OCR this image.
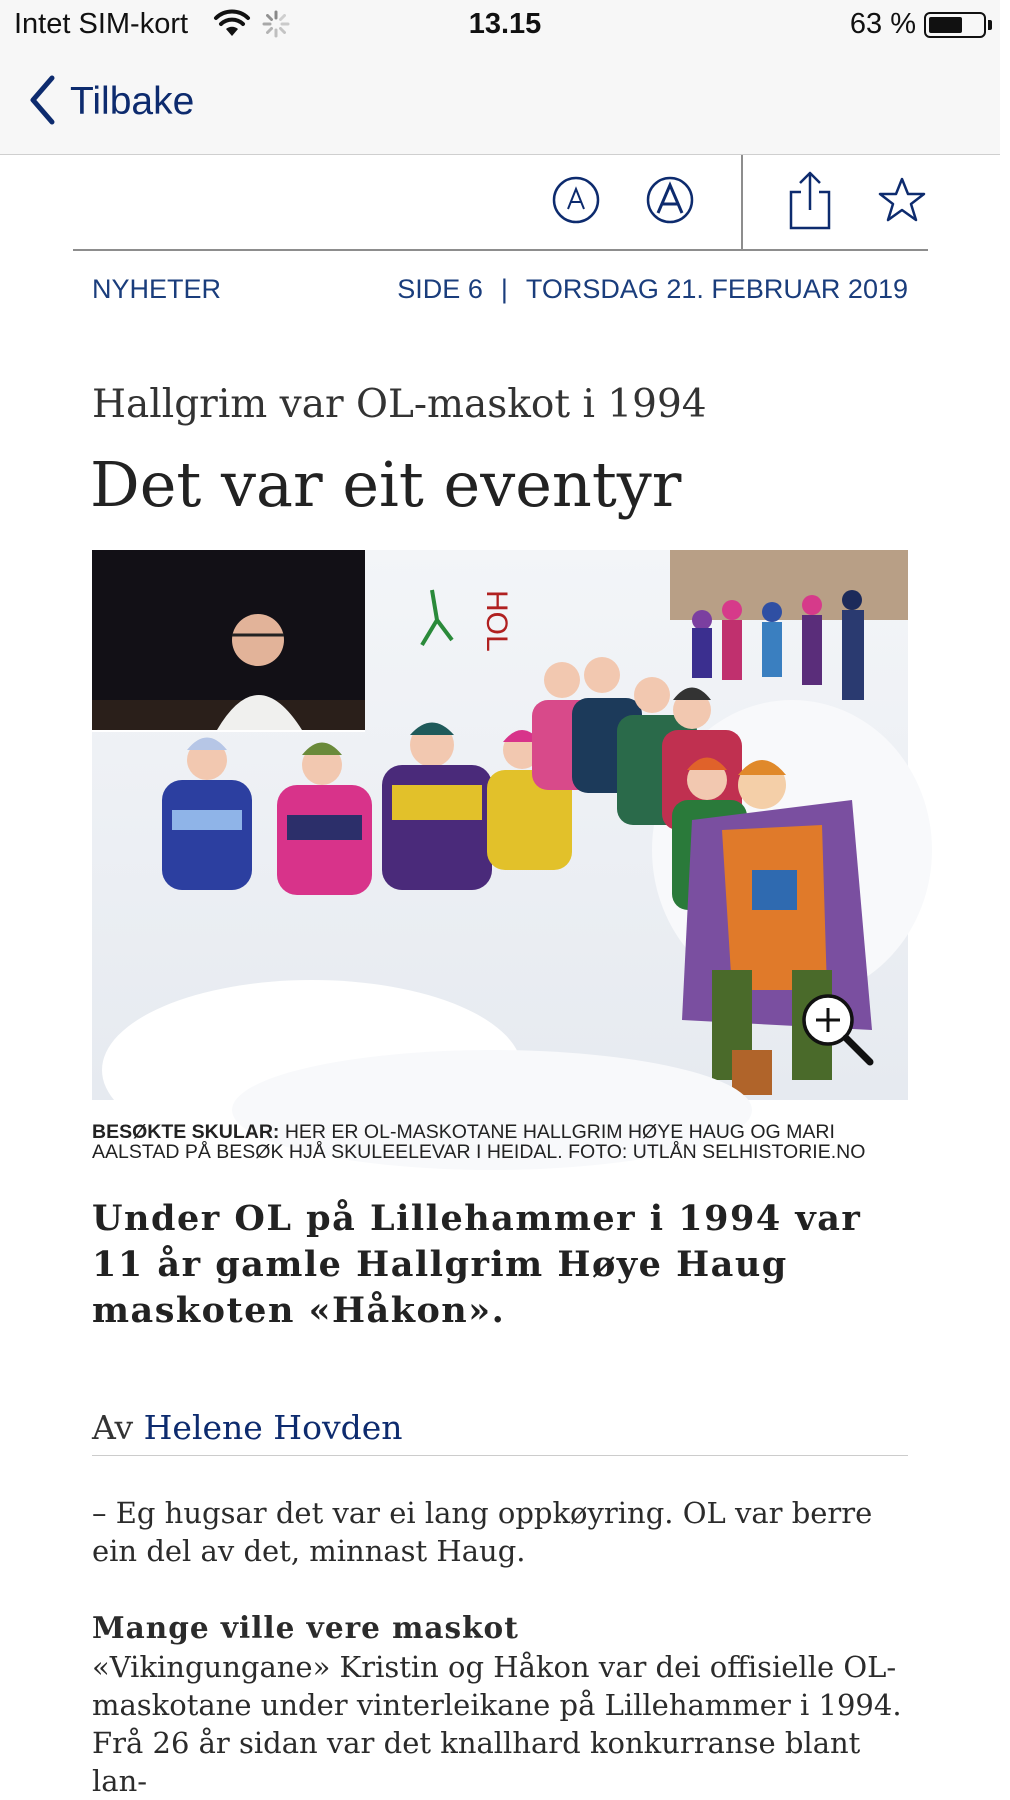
Intet SIM-kort	13.15	63 %
Tilbake
NYHETER	SIDE 6 | TORSDAG 21. FEBRUAR 2019
Hallgrim var OL-maskot i 1994
Det var eit eventyr
HOL
BESØKTE SKULAR: HER ER OL-MASKOTANE HALLGRIM HØYE HAUG OG MARI AALSTAD PÅ BESØK HJÅ SKULEELEVAR I HEIDAL. FOTO: UTLÅN SELHISTORIE.NO
Under OL på Lillehammer i 1994 var 11 år gamle Hallgrim Høye Haug maskoten «Håkon».
Av Helene Hovden
– Eg hugsar det var ei lang oppkøyring. OL var berre ein del av det, minnast Haug.
Mange ville vere maskot
«Vikingungane» Kristin og Håkon var dei offisielle OL-maskotane under vinterleikane på Lillehammer i 1994. Frå 26 år sidan var det knallhard konkurranse blant lan-
